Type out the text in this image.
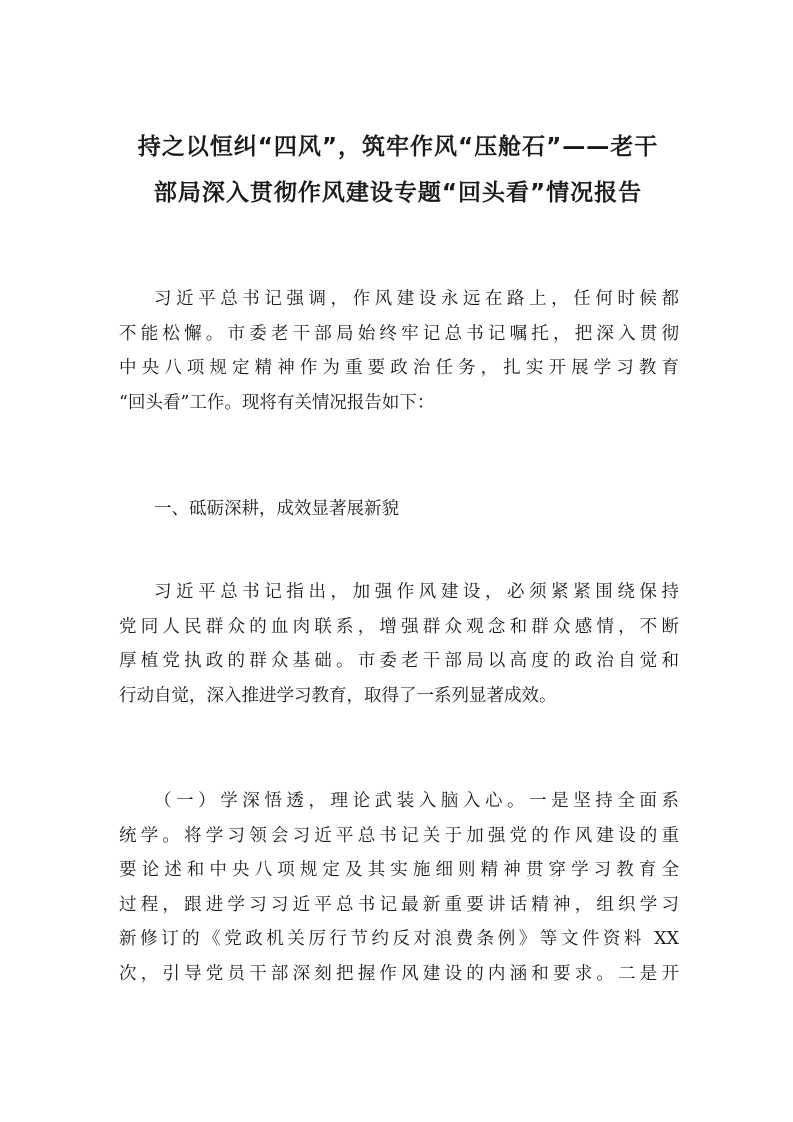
持之以恒纠“四风”，筑牢作风“压舱石”——老干
部局深入贯彻作风建设专题“回头看”情况报告
习近平总书记强调，作风建设永远在路上，任何时候都
不能松懈。市委老干部局始终牢记总书记嘱托，把深入贯彻
中央八项规定精神作为重要政治任务，扎实开展学习教育
“回头看”工作。现将有关情况报告如下：
一、砥砺深耕，成效显著展新貌
习近平总书记指出，加强作风建设，必须紧紧围绕保持
党同人民群众的血肉联系，增强群众观念和群众感情，不断
厚植党执政的群众基础。市委老干部局以高度的政治自觉和
行动自觉，深入推进学习教育，取得了一系列显著成效。
（一）学深悟透，理论武装入脑入心。一是坚持全面系
统学。将学习领会习近平总书记关于加强党的作风建设的重
要论述和中央八项规定及其实施细则精神贯穿学习教育全
过程，跟进学习习近平总书记最新重要讲话精神，组织学习
新修订的《党政机关厉行节约反对浪费条例》等文件资料 XX
次，引导党员干部深刻把握作风建设的内涵和要求。二是开
